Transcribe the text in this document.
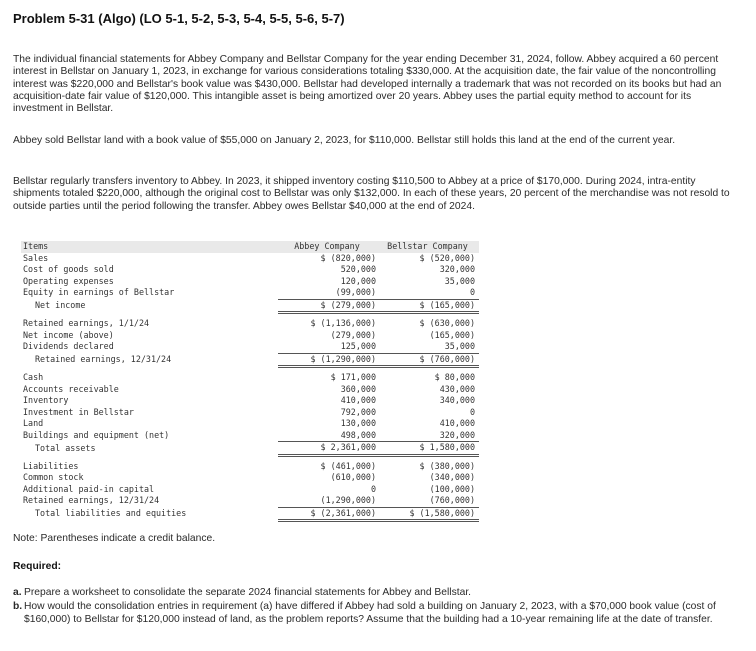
Problem 5-31 (Algo) (LO 5-1, 5-2, 5-3, 5-4, 5-5, 5-6, 5-7)

The individual financial statements for Abbey Company and Bellstar Company for the year ending December 31, 2024, follow. Abbey acquired a 60 percent interest in Bellstar on January 1, 2023, in exchange for various considerations totaling $330,000. At the acquisition date, the fair value of the noncontrolling interest was $220,000 and Bellstar's book value was $430,000. Bellstar had developed internally a trademark that was not recorded on its books but had an acquisition-date fair value of $120,000. This intangible asset is being amortized over 20 years. Abbey uses the partial equity method to account for its investment in Bellstar.

Abbey sold Bellstar land with a book value of $55,000 on January 2, 2023, for $110,000. Bellstar still holds this land at the end of the current year.

Bellstar regularly transfers inventory to Abbey. In 2023, it shipped inventory costing $110,500 to Abbey at a price of $170,000. During 2024, intra-entity shipments totaled $220,000, although the original cost to Bellstar was only $132,000. In each of these years, 20 percent of the merchandise was not resold to outside parties until the period following the transfer. Abbey owes Bellstar $40,000 at the end of 2024.

Items	Abbey Company	Bellstar Company
Sales	$ (820,000)	$ (520,000)
Cost of goods sold	520,000	320,000
Operating expenses	120,000	35,000
Equity in earnings of Bellstar	(99,000)	0
Net income	$ (279,000)	$ (165,000)

Retained earnings, 1/1/24	$ (1,136,000)	$ (630,000)
Net income (above)	(279,000)	(165,000)
Dividends declared	125,000	35,000
Retained earnings, 12/31/24	$ (1,290,000)	$ (760,000)

Cash	$ 171,000	$ 80,000
Accounts receivable	360,000	430,000
Inventory	410,000	340,000
Investment in Bellstar	792,000	0
Land	130,000	410,000
Buildings and equipment (net)	498,000	320,000
Total assets	$ 2,361,000	$ 1,580,000

Liabilities	$ (461,000)	$ (380,000)
Common stock	(610,000)	(340,000)
Additional paid-in capital	0	(100,000)
Retained earnings, 12/31/24	(1,290,000)	(760,000)
Total liabilities and equities	$ (2,361,000)	$ (1,580,000)
Note: Parentheses indicate a credit balance.
Required:
a. Prepare a worksheet to consolidate the separate 2024 financial statements for Abbey and Bellstar.
b. How would the consolidation entries in requirement (a) have differed if Abbey had sold a building on January 2, 2023, with a $70,000 book value (cost of $160,000) to Bellstar for $120,000 instead of land, as the problem reports? Assume that the building had a 10-year remaining life at the date of transfer.
